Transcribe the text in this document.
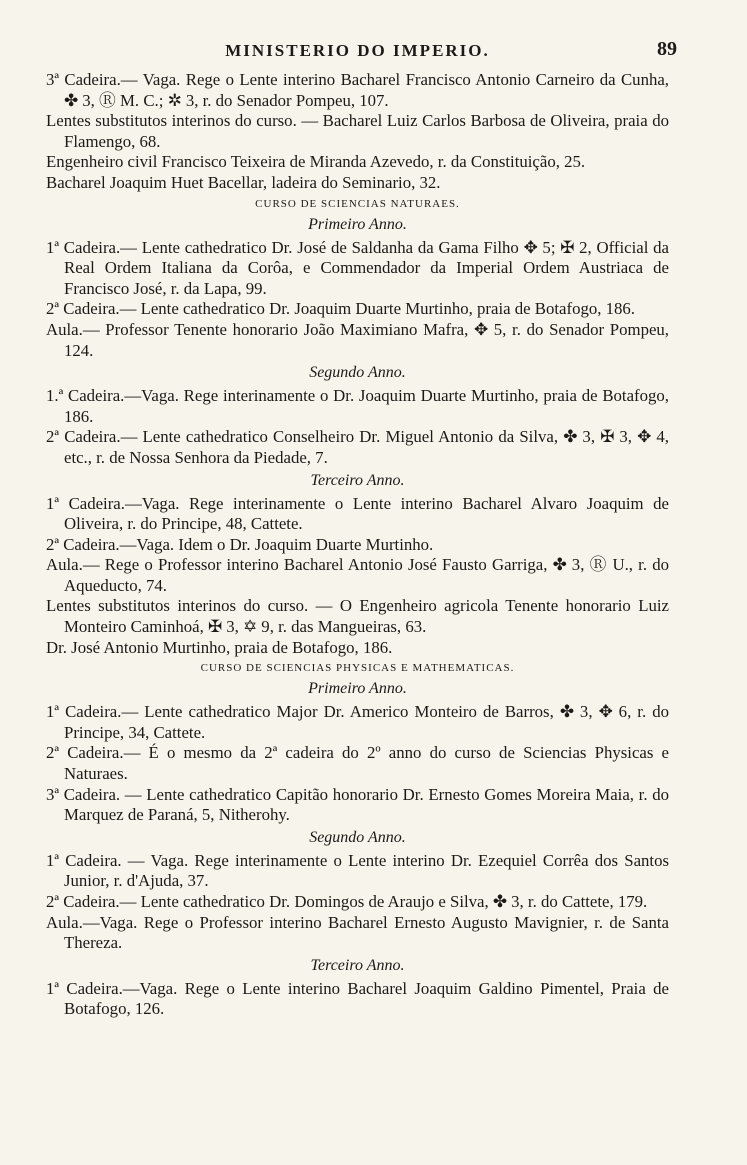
MINISTERIO DO IMPERIO.	89

3ª Cadeira.— Vaga. Rege o Lente interino Bacharel Francisco Antonio Carneiro da Cunha, ✤ 3, Ⓡ M. C.; ✲ 3, r. do Senador Pompeu, 107.

Lentes substitutos interinos do curso. — Bacharel Luiz Carlos Barbosa de Oliveira, praia do Flamengo, 68.

Engenheiro civil Francisco Teixeira de Miranda Azevedo, r. da Constituição, 25.

Bacharel Joaquim Huet Bacellar, ladeira do Seminario, 32.

CURSO DE SCIENCIAS NATURAES.
Primeiro Anno.

1ª Cadeira.— Lente cathedratico Dr. José de Saldanha da Gama Filho ✥ 5; ✠ 2, Official da Real Ordem Italiana da Corôa, e Commendador da Imperial Ordem Austriaca de Francisco José, r. da Lapa, 99.

2ª Cadeira.— Lente cathedratico Dr. Joaquim Duarte Murtinho, praia de Botafogo, 186.

Aula.— Professor Tenente honorario João Maximiano Mafra, ✥ 5, r. do Senador Pompeu, 124.

Segundo Anno.

1.ª Cadeira.—Vaga. Rege interinamente o Dr. Joaquim Duarte Murtinho, praia de Botafogo, 186.

2ª Cadeira.— Lente cathedratico Conselheiro Dr. Miguel Antonio da Silva, ✤ 3, ✠ 3, ✥ 4, etc., r. de Nossa Senhora da Piedade, 7.

Terceiro Anno.

1ª Cadeira.—Vaga. Rege interinamente o Lente interino Bacharel Alvaro Joaquim de Oliveira, r. do Principe, 48, Cattete.

2ª Cadeira.—Vaga. Idem o Dr. Joaquim Duarte Murtinho.

Aula.— Rege o Professor interino Bacharel Antonio José Fausto Garriga, ✤ 3, Ⓡ U., r. do Aqueducto, 74.

Lentes substitutos interinos do curso. — O Engenheiro agricola Tenente honorario Luiz Monteiro Caminhoá, ✠ 3, ✡ 9, r. das Mangueiras, 63.

Dr. José Antonio Murtinho, praia de Botafogo, 186.

CURSO DE SCIENCIAS PHYSICAS E MATHEMATICAS.
Primeiro Anno.

1ª Cadeira.— Lente cathedratico Major Dr. Americo Monteiro de Barros, ✤ 3, ✥ 6, r. do Principe, 34, Cattete.

2ª Cadeira.— É o mesmo da 2ª cadeira do 2º anno do curso de Sciencias Physicas e Naturaes.

3ª Cadeira. — Lente cathedratico Capitão honorario Dr. Ernesto Gomes Moreira Maia, r. do Marquez de Paraná, 5, Nitherohy.

Segundo Anno.

1ª Cadeira. — Vaga. Rege interinamente o Lente interino Dr. Ezequiel Corrêa dos Santos Junior, r. d'Ajuda, 37.

2ª Cadeira.— Lente cathedratico Dr. Domingos de Araujo e Silva, ✤ 3, r. do Cattete, 179.

Aula.—Vaga. Rege o Professor interino Bacharel Ernesto Augusto Mavignier, r. de Santa Thereza.

Terceiro Anno.

1ª Cadeira.—Vaga. Rege o Lente interino Bacharel Joaquim Galdino Pimentel, Praia de Botafogo, 126.
